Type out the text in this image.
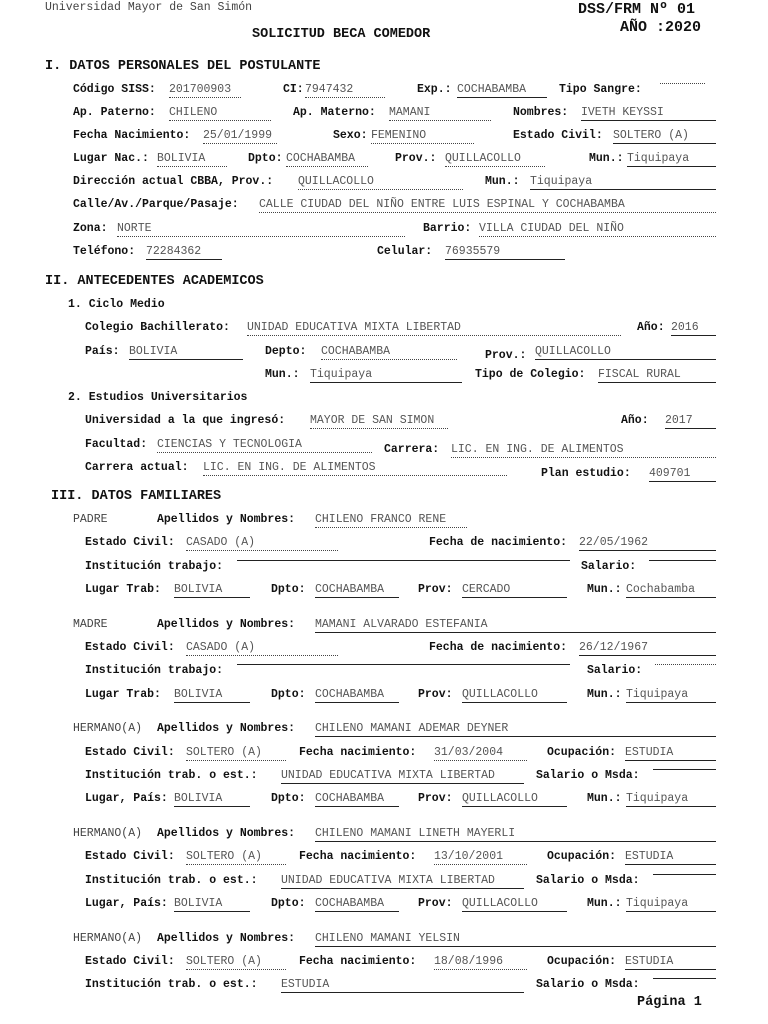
Universidad Mayor de San Simón	DSS/FRM Nº 01
AÑO :2020
SOLICITUD BECA COMEDOR
I. DATOS PERSONALES DEL POSTULANTE
Código SISS: 201700903	CI: 7947432	Exp.: COCHABAMBA	Tipo Sangre:
Ap. Paterno: CHILENO	Ap. Materno: MAMANI	Nombres: IVETH KEYSSI
Fecha Nacimiento: 25/01/1999	Sexo: FEMENINO	Estado Civil: SOLTERO (A)
Lugar Nac.: BOLIVIA	Dpto: COCHABAMBA	Prov.: QUILLACOLLO	Mun.: Tiquipaya
Dirección actual CBBA, Prov.: QUILLACOLLO	Mun.: Tiquipaya
Calle/Av./Parque/Pasaje: CALLE CIUDAD DEL NIÑO ENTRE LUIS ESPINAL Y COCHABAMBA
Zona: NORTE	Barrio: VILLA CIUDAD DEL NIÑO
Teléfono: 72284362	Celular: 76935579
II. ANTECEDENTES ACADEMICOS
1. Ciclo Medio
Colegio Bachillerato: UNIDAD EDUCATIVA MIXTA LIBERTAD	Año: 2016
País: BOLIVIA	Depto: COCHABAMBA	Prov.: QUILLACOLLO
Mun.: Tiquipaya	Tipo de Colegio: FISCAL RURAL
2. Estudios Universitarios
Universidad a la que ingresó: MAYOR DE SAN SIMON	Año: 2017
Facultad: CIENCIAS Y TECNOLOGIA	Carrera: LIC. EN ING. DE ALIMENTOS
Carrera actual: LIC. EN ING. DE ALIMENTOS	Plan estudio: 409701
III. DATOS FAMILIARES
PADRE	Apellidos y Nombres: CHILENO FRANCO RENE
Estado Civil: CASADO (A)	Fecha de nacimiento: 22/05/1962
Institución trabajo:	Salario:
Lugar Trab: BOLIVIA	Dpto: COCHABAMBA	Prov: CERCADO	Mun.: Cochabamba
MADRE	Apellidos y Nombres: MAMANI ALVARADO ESTEFANIA
Estado Civil: CASADO (A)	Fecha de nacimiento: 26/12/1967
Institución trabajo:	Salario:
Lugar Trab: BOLIVIA	Dpto: COCHABAMBA	Prov: QUILLACOLLO	Mun.: Tiquipaya
HERMANO(A) Apellidos y Nombres: CHILENO MAMANI ADEMAR DEYNER
Estado Civil: SOLTERO (A)	Fecha nacimiento: 31/03/2004	Ocupación: ESTUDIA
Institución trab. o est.: UNIDAD EDUCATIVA MIXTA LIBERTAD	Salario o Msda:
Lugar, País: BOLIVIA	Dpto: COCHABAMBA	Prov: QUILLACOLLO	Mun.: Tiquipaya
HERMANO(A) Apellidos y Nombres: CHILENO MAMANI LINETH MAYERLI
Estado Civil: SOLTERO (A)	Fecha nacimiento: 13/10/2001	Ocupación: ESTUDIA
Institución trab. o est.: UNIDAD EDUCATIVA MIXTA LIBERTAD	Salario o Msda:
Lugar, País: BOLIVIA	Dpto: COCHABAMBA	Prov: QUILLACOLLO	Mun.: Tiquipaya
HERMANO(A) Apellidos y Nombres: CHILENO MAMANI YELSIN
Estado Civil: SOLTERO (A)	Fecha nacimiento: 18/08/1996	Ocupación: ESTUDIA
Institución trab. o est.: ESTUDIA	Salario o Msda:
Página 1
